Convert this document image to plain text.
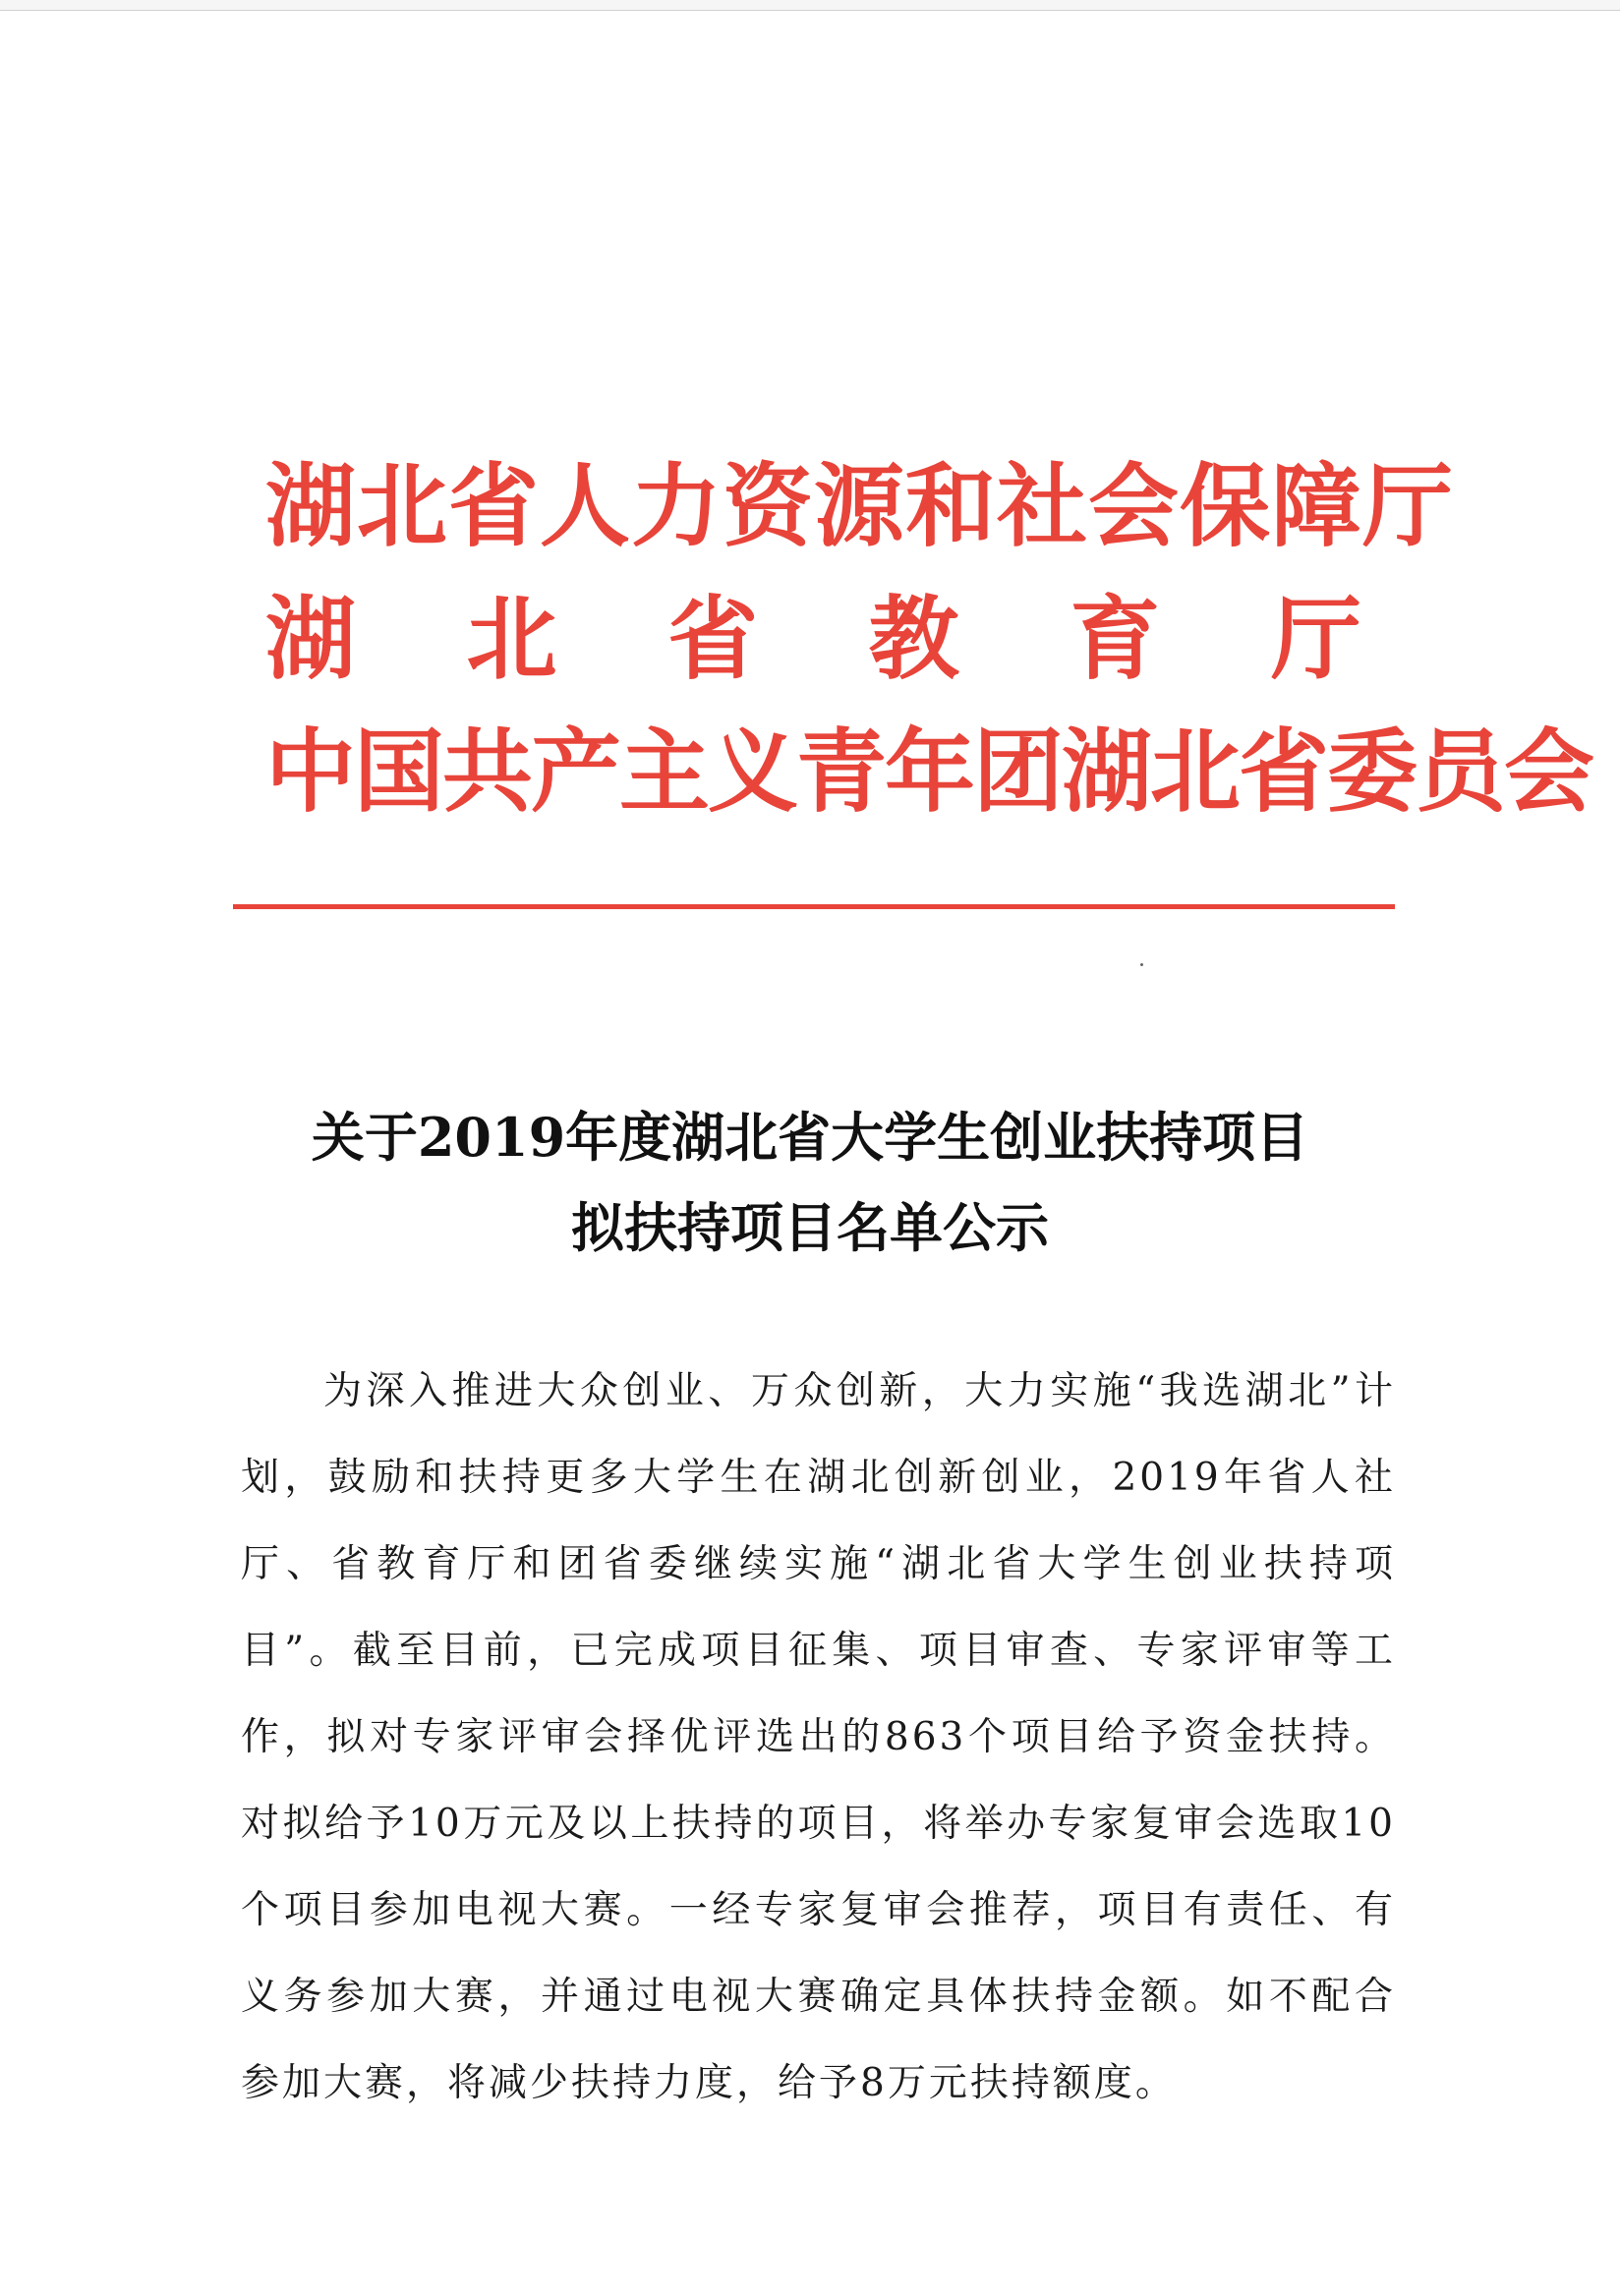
湖北省人力资源和社会保障厅
湖 北 省 教 育 厅
中国共产主义青年团湖北省委员会
关于2019年度湖北省大学生创业扶持项目
拟扶持项目名单公示
为深入推进大众创业、万众创新，大力实施“我选湖北”计划，鼓励和扶持更多大学生在湖北创新创业，2019年省人社厅、省教育厅和团省委继续实施“湖北省大学生创业扶持项目”。截至目前，已完成项目征集、项目审查、专家评审等工作，拟对专家评审会择优评选出的863个项目给予资金扶持。对拟给予10万元及以上扶持的项目，将举办专家复审会选取10个项目参加电视大赛。一经专家复审会推荐，项目有责任、有义务参加大赛，并通过电视大赛确定具体扶持金额。如不配合参加大赛，将减少扶持力度，给予8万元扶持额度。
